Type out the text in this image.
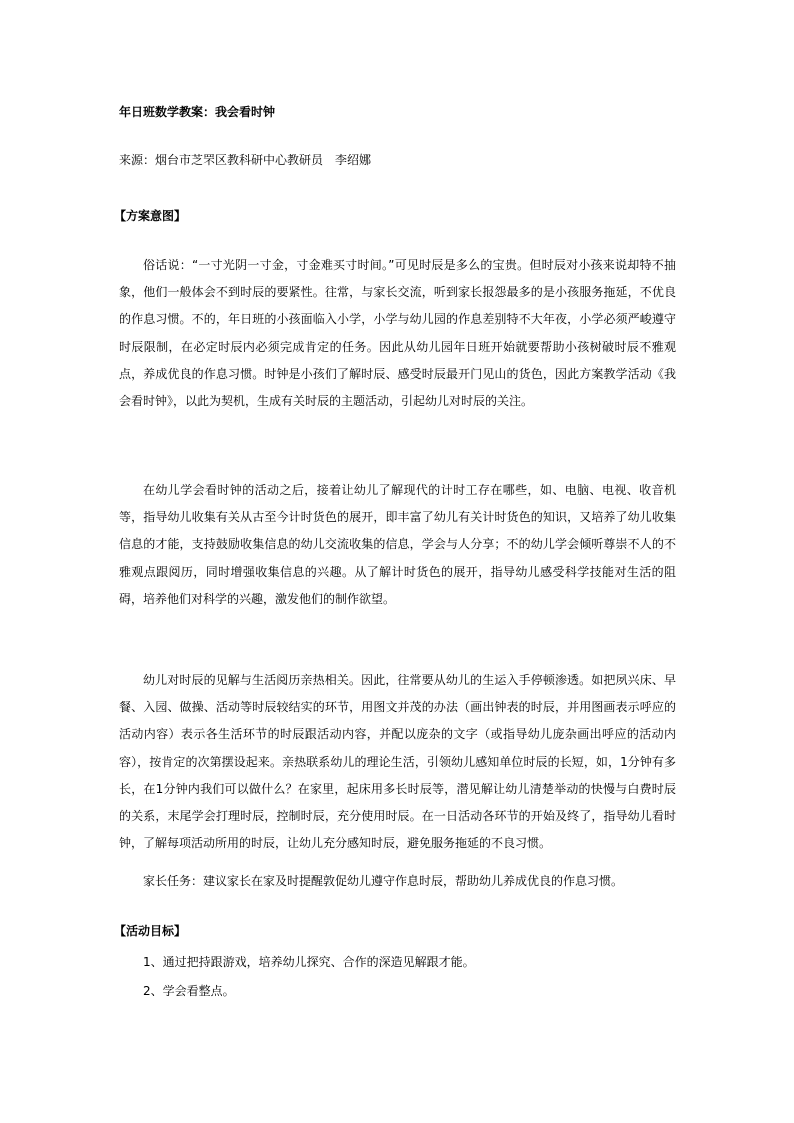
年日班数学教案：我会看时钟
来源：烟台市芝罘区教科研中心教研员　李绍娜
【方案意图】
俗话说：“一寸光阴一寸金，寸金难买寸时间。”可见时辰是多么的宝贵。但时辰对小孩来说却特不抽象，他们一般体会不到时辰的要紧性。往常，与家长交流，听到家长报怨最多的是小孩服务拖延，不优良的作息习惯。不的，年日班的小孩面临入小学，小学与幼儿园的作息差别特不大年夜，小学必须严峻遵守时辰限制，在必定时辰内必须完成肯定的任务。因此从幼儿园年日班开始就要帮助小孩树破时辰不雅观点，养成优良的作息习惯。时钟是小孩们了解时辰、感受时辰最开门见山的货色，因此方案教学活动《我会看时钟》，以此为契机，生成有关时辰的主题活动，引起幼儿对时辰的关注。
在幼儿学会看时钟的活动之后，接着让幼儿了解现代的计时工存在哪些，如、电脑、电视、收音机等，指导幼儿收集有关从古至今计时货色的展开，即丰富了幼儿有关计时货色的知识，又培养了幼儿收集信息的才能，支持鼓励收集信息的幼儿交流收集的信息，学会与人分享；不的幼儿学会倾听尊崇不人的不雅观点跟阅历，同时增强收集信息的兴趣。从了解计时货色的展开，指导幼儿感受科学技能对生活的阻碍，培养他们对科学的兴趣，激发他们的制作欲望。
幼儿对时辰的见解与生活阅历亲热相关。因此，往常要从幼儿的生运入手停顿渗透。如把夙兴床、早餐、入园、做操、活动等时辰较结实的环节，用图文并茂的办法（画出钟表的时辰，并用图画表示呼应的活动内容）表示各生活环节的时辰跟活动内容，并配以庞杂的文字（或指导幼儿庞杂画出呼应的活动内容），按肯定的次第摆设起来。亲热联系幼儿的理论生活，引领幼儿感知单位时辰的长短，如，1分钟有多长，在1分钟内我们可以做什么？在家里，起床用多长时辰等，潜见解让幼儿清楚举动的快慢与白费时辰的关系，末尾学会打理时辰，控制时辰，充分使用时辰。在一日活动各环节的开始及终了，指导幼儿看时钟，了解每项活动所用的时辰，让幼儿充分感知时辰，避免服务拖延的不良习惯。
家长任务：建议家长在家及时提醒敦促幼儿遵守作息时辰，帮助幼儿养成优良的作息习惯。
【活动目标】
1、通过把持跟游戏，培养幼儿探究、合作的深造见解跟才能。
2、学会看整点。
